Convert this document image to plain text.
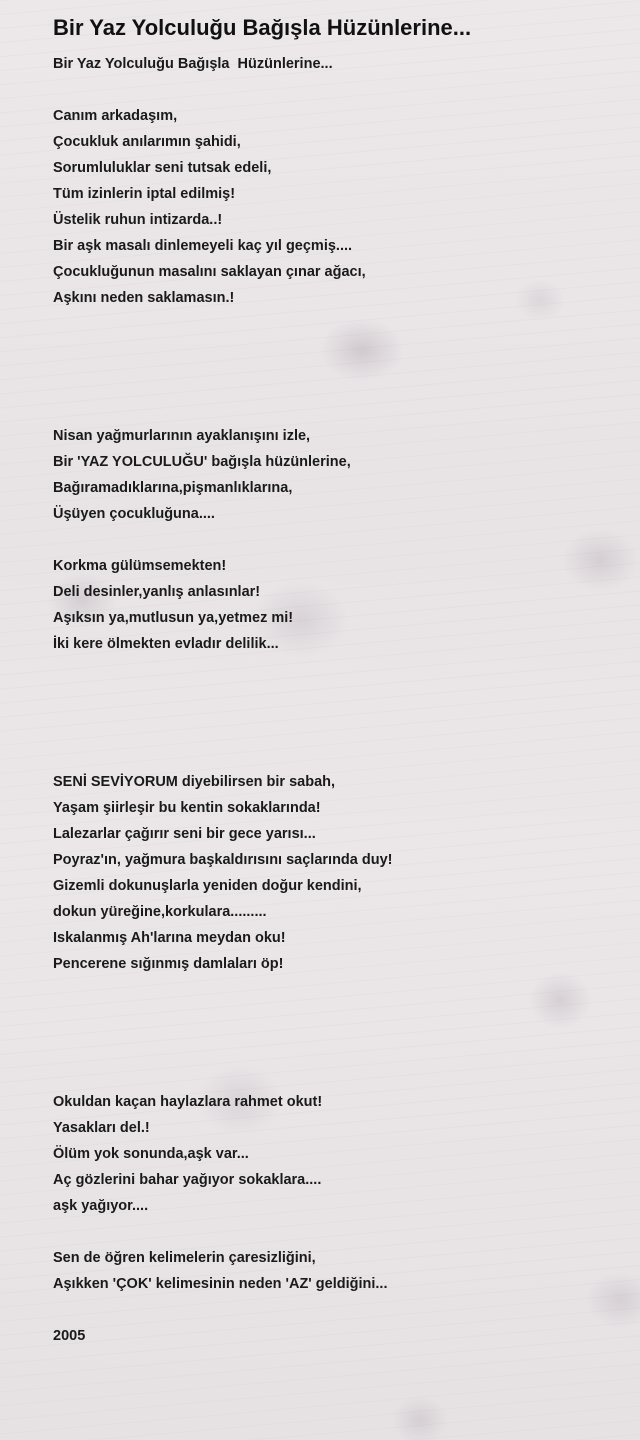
Bir Yaz Yolculuğu Bağışla Hüzünlerine...
Bir Yaz Yolculuğu Bağışla  Hüzünlerine...
Canım arkadaşım,
Çocukluk anılarımın şahidi,
Sorumluluklar seni tutsak edeli,
Tüm izinlerin iptal edilmiş!
Üstelik ruhun intizarda..!
Bir aşk masalı dinlemeyeli kaç yıl geçmiş....
Çocukluğunun masalını saklayan çınar ağacı,
Aşkını neden saklamasın.!
Nisan yağmurlarının ayaklanışını izle,
Bir 'YAZ YOLCULUĞU' bağışla hüzünlerine,
Bağıramadıklarına,pişmanlıklarına,
Üşüyen çocukluğuna....
Korkma gülümsemekten!
Deli desinler,yanlış anlasınlar!
Aşıksın ya,mutlusun ya,yetmez mi!
İki kere ölmekten evladır delilik...
SENİ SEVİYORUM diyebilirsen bir sabah,
Yaşam şiirleşir bu kentin sokaklarında!
Lalezarlar çağırır seni bir gece yarısı...
Poyraz'ın, yağmura başkaldırısını saçlarında duy!
Gizemli dokunuşlarla yeniden doğur kendini,
dokun yüreğine,korkulara.........
Iskalanmış Ah'larına meydan oku!
Pencerene sığınmış damlaları öp!
Okuldan kaçan haylazlara rahmet okut!
Yasakları del.!
Ölüm yok sonunda,aşk var...
Aç gözlerini bahar yağıyor sokaklara....
aşk yağıyor....
Sen de öğren kelimelerin çaresizliğini,
Aşıkken 'ÇOK' kelimesinin neden 'AZ' geldiğini...
2005
